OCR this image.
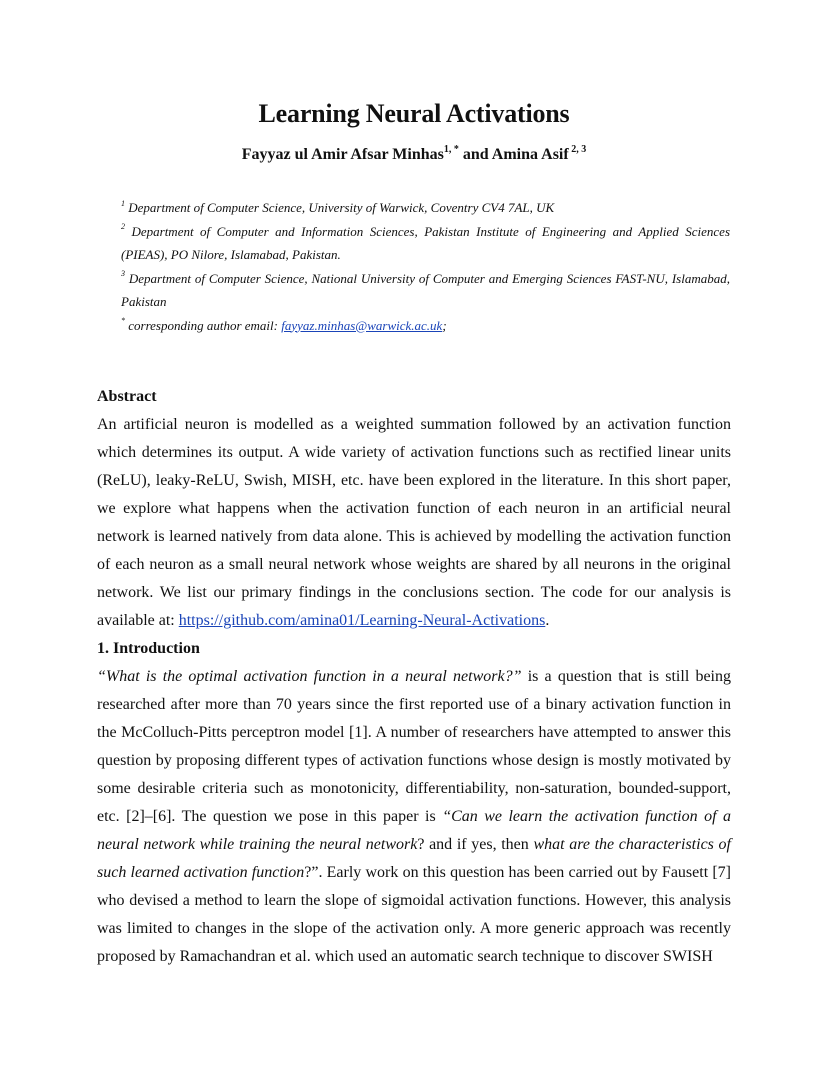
Learning Neural Activations
Fayyaz ul Amir Afsar Minhas$^{1, *}$ and Amina Asif $^{2, 3}$

$^1$ Department of Computer Science, University of Warwick, Coventry CV4 7AL, UK

$^2$ Department of Computer and Information Sciences, Pakistan Institute of Engineering and Applied Sciences (PIEAS), PO Nilore, Islamabad, Pakistan.

$^3$ Department of Computer Science, National University of Computer and Emerging Sciences FAST-NU, Islamabad, Pakistan

* corresponding author email: fayyaz.minhas@warwick.ac.uk;

Abstract

An artificial neuron is modelled as a weighted summation followed by an activation function which determines its output. A wide variety of activation functions such as rectified linear units (ReLU), leaky-ReLU, Swish, MISH, etc. have been explored in the literature. In this short paper, we explore what happens when the activation function of each neuron in an artificial neural network is learned natively from data alone. This is achieved by modelling the activation function of each neuron as a small neural network whose weights are shared by all neurons in the original network. We list our primary findings in the conclusions section. The code for our analysis is available at: https://github.com/amina01/Learning-Neural-Activations.

1. Introduction

“What is the optimal activation function in a neural network?” is a question that is still being researched after more than 70 years since the first reported use of a binary activation function in the McColluch-Pitts perceptron model [1]. A number of researchers have attempted to answer this question by proposing different types of activation functions whose design is mostly motivated by some desirable criteria such as monotonicity, differentiability, non-saturation, bounded-support, etc. [2]–[6]. The question we pose in this paper is “Can we learn the activation function of a neural network while training the neural network? and if yes, then what are the characteristics of such learned activation function?”. Early work on this question has been carried out by Fausett [7] who devised a method to learn the slope of sigmoidal activation functions. However, this analysis was limited to changes in the slope of the activation only. A more generic approach was recently proposed by Ramachandran et al. which used an automatic search technique to discover SWISH
